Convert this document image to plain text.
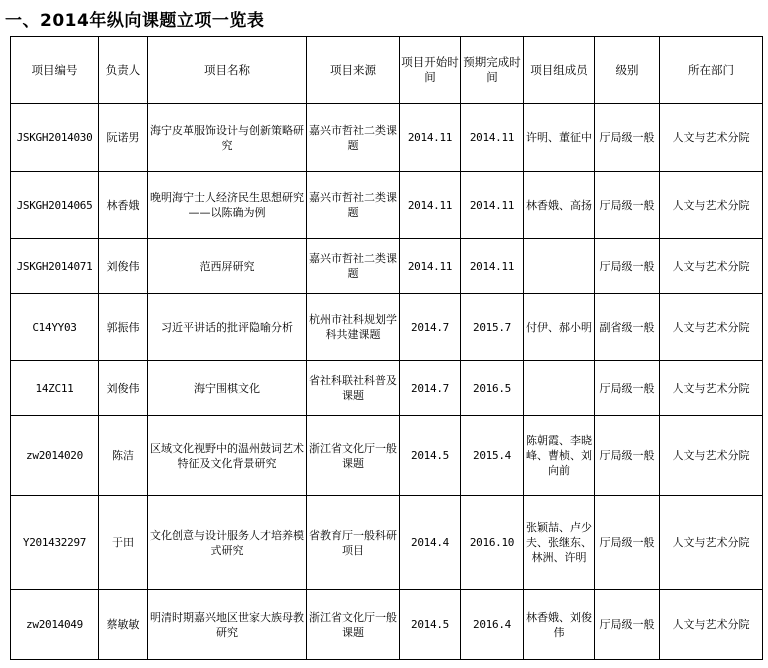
一、2014年纵向课题立项一览表
项目编号	负责人	项目名称	项目来源	项目开始时间	预期完成时间	项目组成员	级别	所在部门
JSKGH2014030	阮诺男	海宁皮革服饰设计与创新策略研究	嘉兴市哲社二类课题	2014.11	2014.11	许明、董征中	厅局级一般	人文与艺术分院
JSKGH2014065	林香娥	晚明海宁士人经济民生思想研究——以陈确为例	嘉兴市哲社二类课题	2014.11	2014.11	林香娥、高扬	厅局级一般	人文与艺术分院
JSKGH2014071	刘俊伟	范西屏研究	嘉兴市哲社二类课题	2014.11	2014.11		厅局级一般	人文与艺术分院
C14YY03	郭振伟	习近平讲话的批评隐喻分析	杭州市社科规划学科共建课题	2014.7	2015.7	付伊、郝小明	副省级一般	人文与艺术分院
14ZC11	刘俊伟	海宁围棋文化	省社科联社科普及课题	2014.7	2016.5		厅局级一般	人文与艺术分院
zw2014020	陈洁	区域文化视野中的温州鼓词艺术特征及文化背景研究	浙江省文化厅一般课题	2014.5	2015.4	陈朝霞、李晓峰、曹桢、刘向前	厅局级一般	人文与艺术分院
Y201432297	于田	文化创意与设计服务人才培养模式研究	省教育厅一般科研项目	2014.4	2016.10	张颖喆、卢少夫、张继东、林洲、许明	厅局级一般	人文与艺术分院
zw2014049	蔡敏敏	明清时期嘉兴地区世家大族母教研究	浙江省文化厅一般课题	2014.5	2016.4	林香娥、刘俊伟	厅局级一般	人文与艺术分院
